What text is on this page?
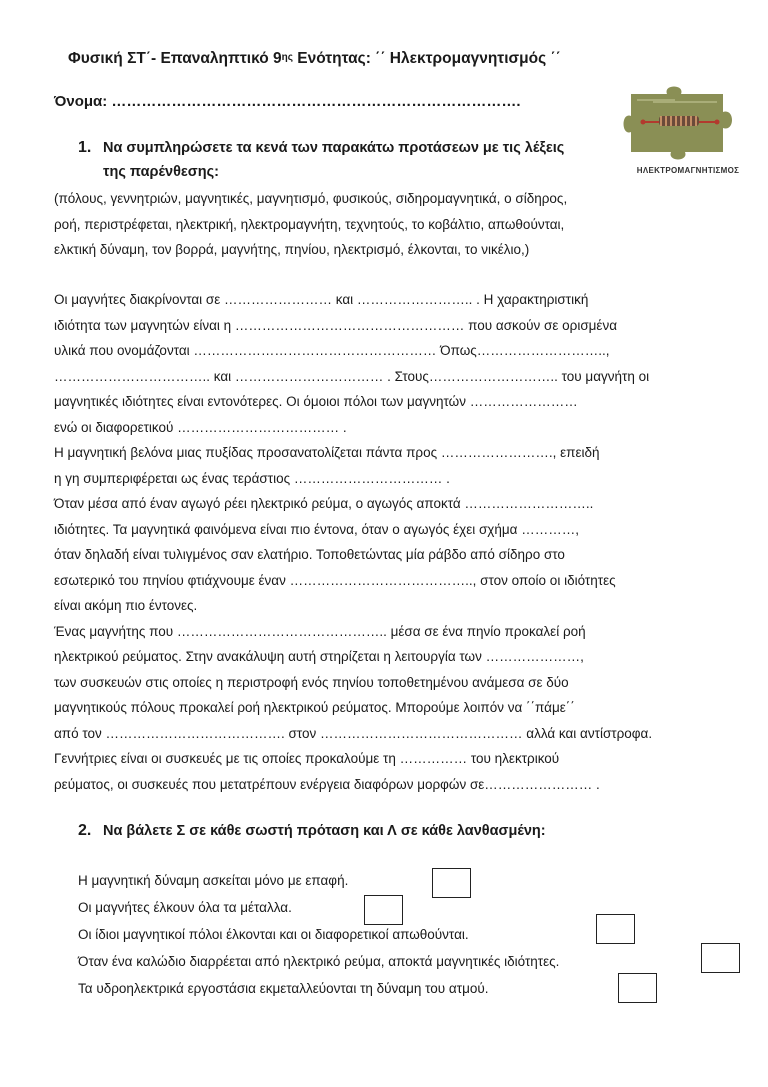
Φυσική ΣΤ΄- Επαναληπτικό $9^{\eta\varsigma}$ Ενότητας: ΄΄ Ηλεκτρομαγνητισμός ΄΄
Όνομα: ……………………………………………………………………….
ΗΛΕΚΤΡΟΜΑΓΝΗΤΙΣΜΟΣ
1. Να συμπληρώσετε τα κενά των παρακάτω προτάσεων με τις λέξεις
της παρένθεσης:
(πόλους, γεννητριών, μαγνητικές, μαγνητισμό, φυσικούς, σιδηρομαγνητικά, ο σίδηρος,
ροή, περιστρέφεται, ηλεκτρική, ηλεκτρομαγνήτη, τεχνητούς, το κοβάλτιο, απωθούνται,
ελκτική δύναμη, τον βορρά, μαγνήτης, πηνίου, ηλεκτρισμό, έλκονται, το νικέλιο,)
Οι μαγνήτες διακρίνονται σε …………………… και …………………….. . Η χαρακτηριστική
ιδιότητα των μαγνητών είναι η …………………………………………… που ασκούν σε ορισμένα
υλικά που ονομάζονται ……………………………………………… Όπως………………………..,
…………………………….. και …………………………… . Στους……………………….. του μαγνήτη οι
μαγνητικές ιδιότητες είναι εντονότερες. Οι όμοιοι πόλοι των μαγνητών ……………………
ενώ οι διαφορετικού ……………………………… .
Η μαγνητική βελόνα μιας πυξίδας προσανατολίζεται πάντα προς ……………………., επειδή
η γη συμπεριφέρεται ως ένας τεράστιος …………………………… .
Όταν μέσα από έναν αγωγό ρέει ηλεκτρικό ρεύμα, ο αγωγός αποκτά ………………………..
ιδιότητες. Τα μαγνητικά φαινόμενα είναι πιο έντονα, όταν ο αγωγός έχει σχήμα …………,
όταν δηλαδή είναι τυλιγμένος σαν ελατήριο. Τοποθετώντας μία ράβδο από σίδηρο στο
εσωτερικό του πηνίου φτιάχνουμε έναν ………………………………….., στον οποίο οι ιδιότητες
είναι ακόμη πιο έντονες.
Ένας μαγνήτης που ……………………………………….. μέσα σε ένα πηνίο προκαλεί ροή
ηλεκτρικού ρεύματος. Στην ανακάλυψη αυτή στηρίζεται η λειτουργία των …………………,
των συσκευών στις οποίες η περιστροφή ενός πηνίου τοποθετημένου ανάμεσα σε δύο
μαγνητικούς πόλους προκαλεί ροή ηλεκτρικού ρεύματος. Μπορούμε λοιπόν να ΄΄πάμε΄΄
από τον …………………………………. στον ……………………………………… αλλά και αντίστροφα.
Γεννήτριες είναι οι συσκευές με τις οποίες προκαλούμε τη …………… του ηλεκτρικού
ρεύματος, οι συσκευές που μετατρέπουν ενέργεια διαφόρων μορφών σε…………………… .
2. Να βάλετε Σ σε κάθε σωστή πρόταση και Λ σε κάθε λανθασμένη:
Η μαγνητική δύναμη ασκείται μόνο με επαφή.
Οι μαγνήτες έλκουν όλα τα μέταλλα.
Οι ίδιοι μαγνητικοί πόλοι έλκονται και οι διαφορετικοί απωθούνται.
Όταν ένα καλώδιο διαρρέεται από ηλεκτρικό ρεύμα, αποκτά μαγνητικές ιδιότητες.
Τα υδροηλεκτρικά εργοστάσια εκμεταλλεύονται τη δύναμη του ατμού.
